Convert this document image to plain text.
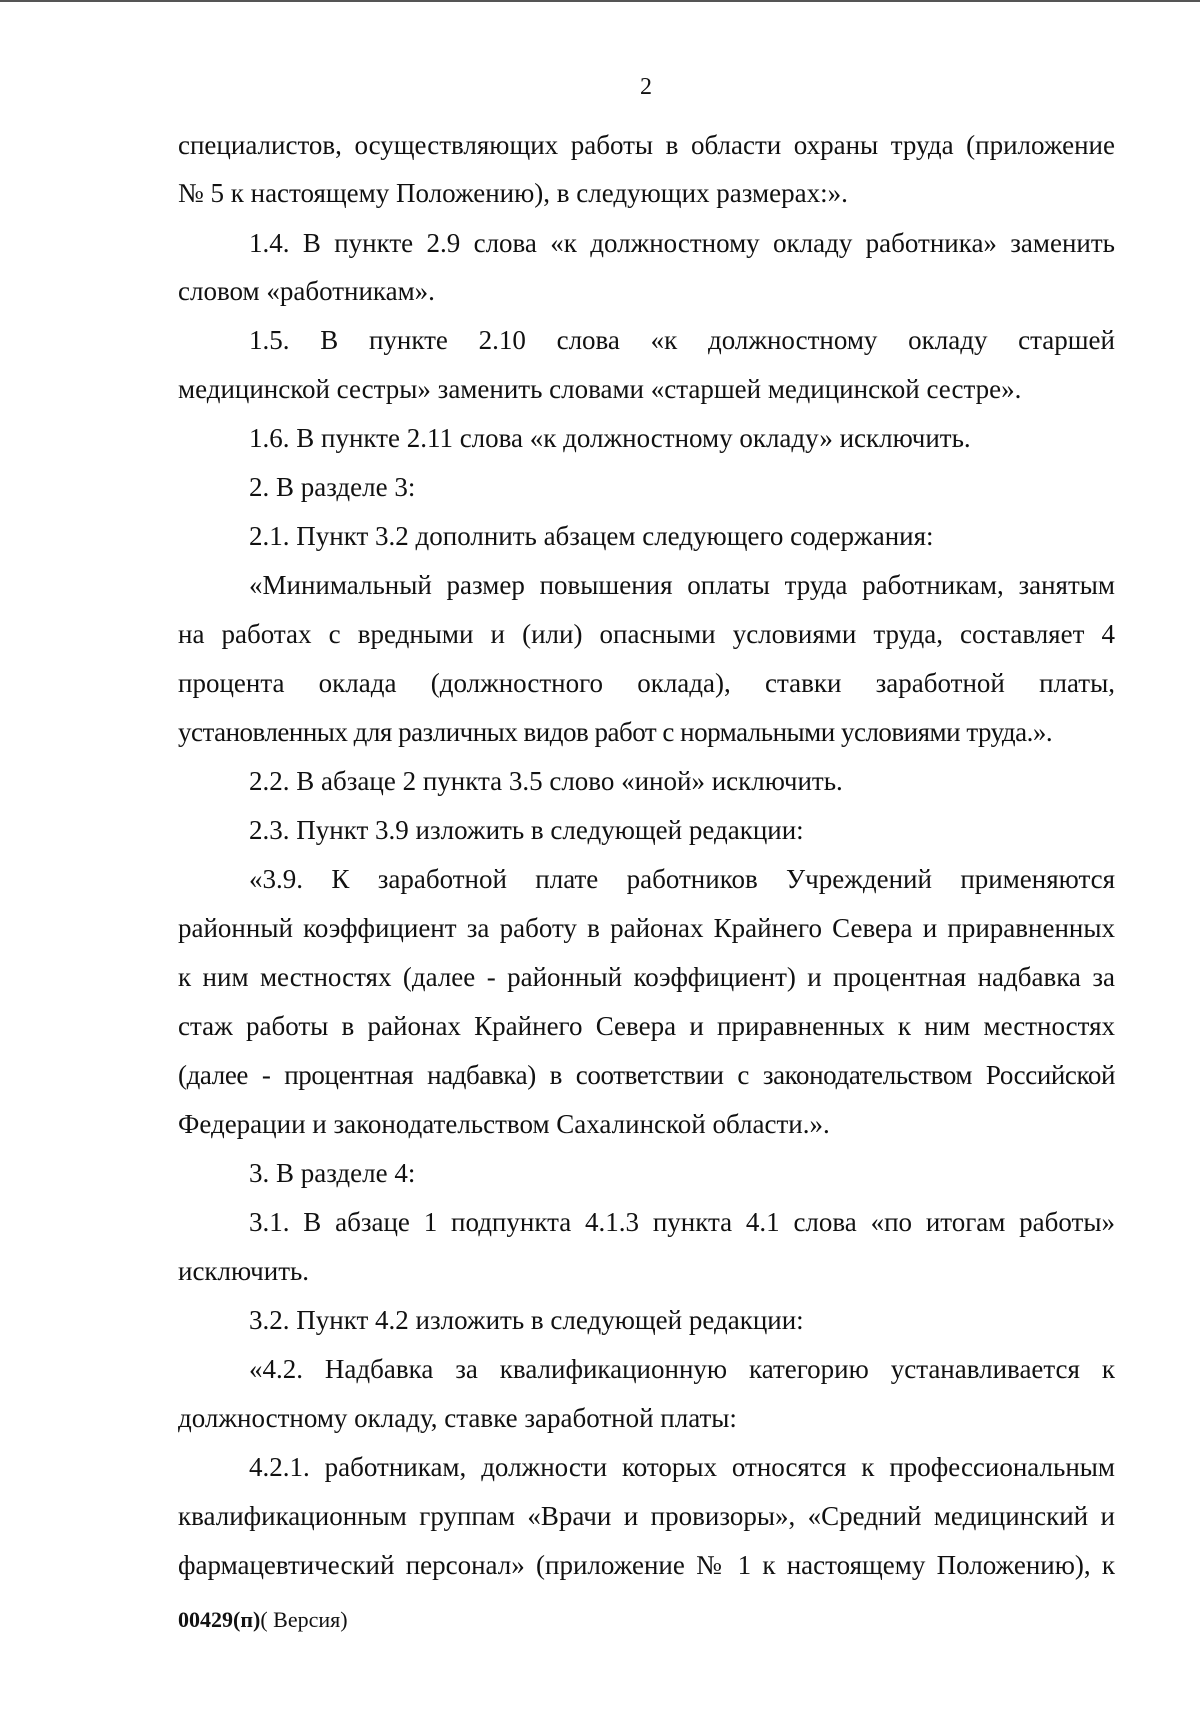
2
специалистов, осуществляющих работы в области охраны труда (приложение
№ 5 к настоящему Положению), в следующих размерах:».
1.4. В пункте 2.9 слова «к должностному окладу работника» заменить
словом «работникам».
1.5. В пункте 2.10 слова «к должностному окладу старшей
медицинской сестры» заменить словами «старшей медицинской сестре».
1.6. В пункте 2.11 слова «к должностному окладу» исключить.
2. В разделе 3:
2.1. Пункт 3.2 дополнить абзацем следующего содержания:
«Минимальный размер повышения оплаты труда работникам, занятым
на работах с вредными и (или) опасными условиями труда, составляет 4
процента оклада (должностного оклада), ставки заработной платы,
установленных для различных видов работ с нормальными условиями труда.».
2.2. В абзаце 2 пункта 3.5 слово «иной» исключить.
2.3. Пункт 3.9 изложить в следующей редакции:
«3.9. К заработной плате работников Учреждений применяются
районный коэффициент за работу в районах Крайнего Севера и приравненных
к ним местностях (далее - районный коэффициент) и процентная надбавка за
стаж работы в районах Крайнего Севера и приравненных к ним местностях
(далее - процентная надбавка) в соответствии с законодательством Российской
Федерации и законодательством Сахалинской области.».
3. В разделе 4:
3.1. В абзаце 1 подпункта 4.1.3 пункта 4.1 слова «по итогам работы»
исключить.
3.2. Пункт 4.2 изложить в следующей редакции:
«4.2. Надбавка за квалификационную категорию устанавливается к
должностному окладу, ставке заработной платы:
4.2.1. работникам, должности которых относятся к профессиональным
квалификационным группам «Врачи и провизоры», «Средний медицинский и
фармацевтический персонал» (приложение № 1 к настоящему Положению), к
00429(п)( Версия)
